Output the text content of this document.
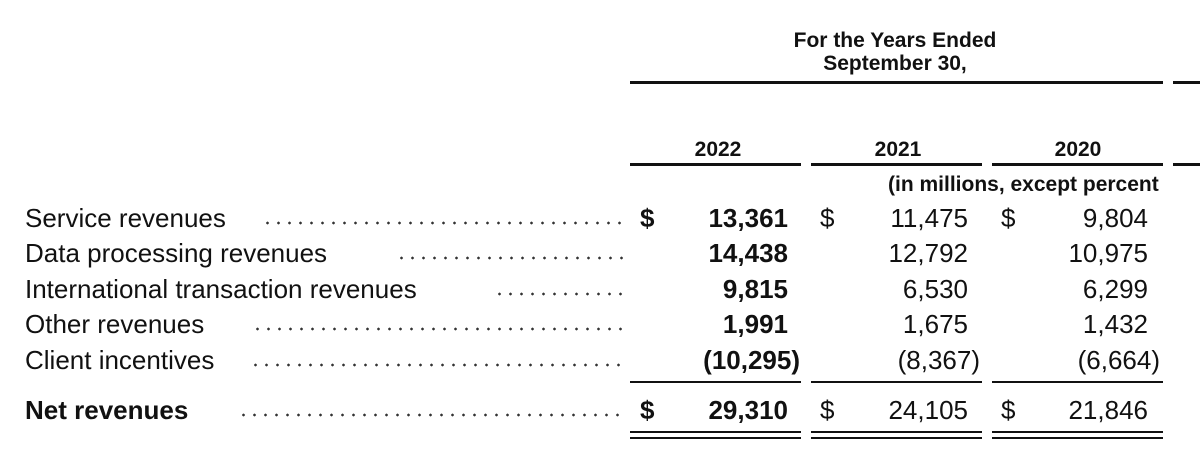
For the Years Ended
September 30,
2022	2021	2020
(in millions, except percent
Service revenues	$	13,361 $	11,475 $	9,804
Data processing revenues	14,438	12,792	10,975
International transaction revenues	9,815	6,530	6,299
Other revenues	1,991	1,675	1,432
Client incentives	(10,295)	(8,367)	(6,664)
Net revenues	$	29,310 $	24,105 $	21,846
